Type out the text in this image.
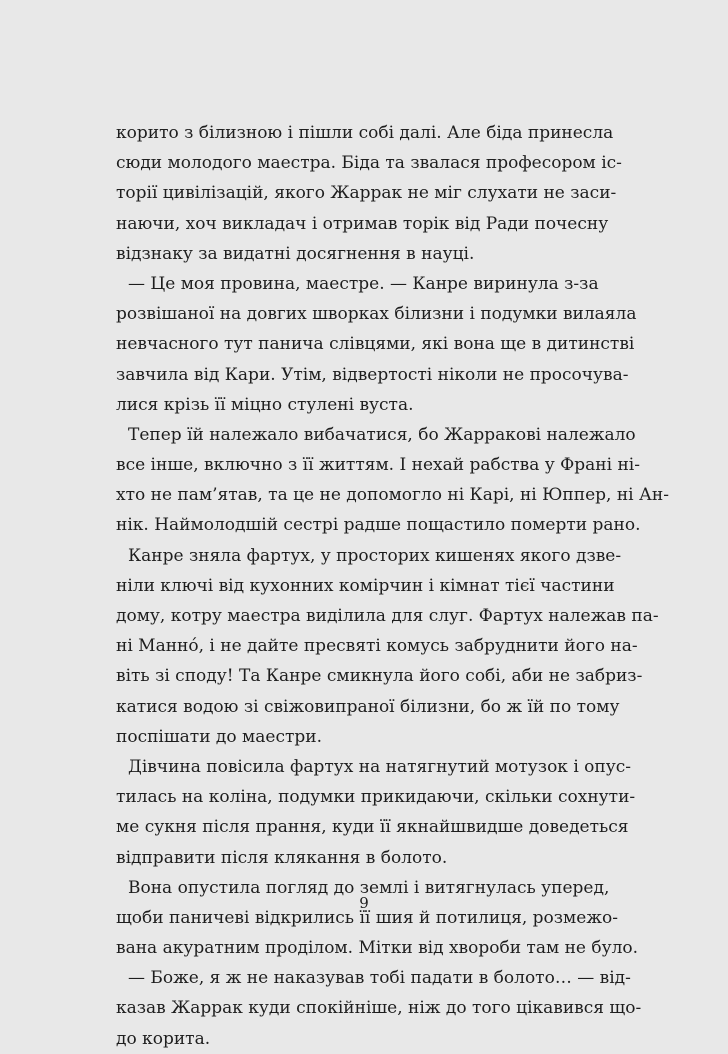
корито з білизною і пішли собі далі. Але біда принесла
сюди молодого маестра. Біда та звалася професором іс-
торії цивілізацій, якого Жаррак не міг слухати не заси-
наючи, хоч викладач і отримав торік від Ради почесну
відзнаку за видатні досягнення в науці.
— Це моя провина, маестре. — Канре виринула з-за
розвішаної на довгих шворках білизни і подумки вилаяла
невчасного тут панича слівцями, які вона ще в дитинстві
завчила від Кари. Утім, відвертості ніколи не просочува-
лися крізь її міцно стулені вуста.
Тепер їй належало вибачатися, бо Жарракові належало
все інше, включно з її життям. І нехай рабства у Франі ні-
хто не пам’ятав, та це не допомогло ні Карі, ні Юппер, ні Ан-
нік. Наймолодшій сестрі радше пощастило померти рано.
Канре зняла фартух, у просторих кишенях якого дзве-
ніли ключі від кухонних комірчин і кімнат тієї частини
дому, котру маестра виділила для слуг. Фартух належав па-
ні Маннó, і не дайте пресвяті комусь забруднити його на-
віть зі споду! Та Канре смикнула його собі, аби не забриз-
катися водою зі свіжовипраної білизни, бо ж їй по тому
поспішати до маестри.
Дівчина повісила фартух на натягнутий мотузок і опус-
тилась на коліна, подумки прикидаючи, скільки сохнути-
ме сукня після прання, куди її якнайшвидше доведеться
відправити після клякання в болото.
Вона опустила погляд до землі і витягнулась уперед,
щоби паничеві відкрились її шия й потилиця, розмежо-
вана акуратним проділом. Мітки від хвороби там не було.
— Боже, я ж не наказував тобі падати в болото… — від-
казав Жаррак куди спокійніше, ніж до того цікавився що-
до корита.
9
